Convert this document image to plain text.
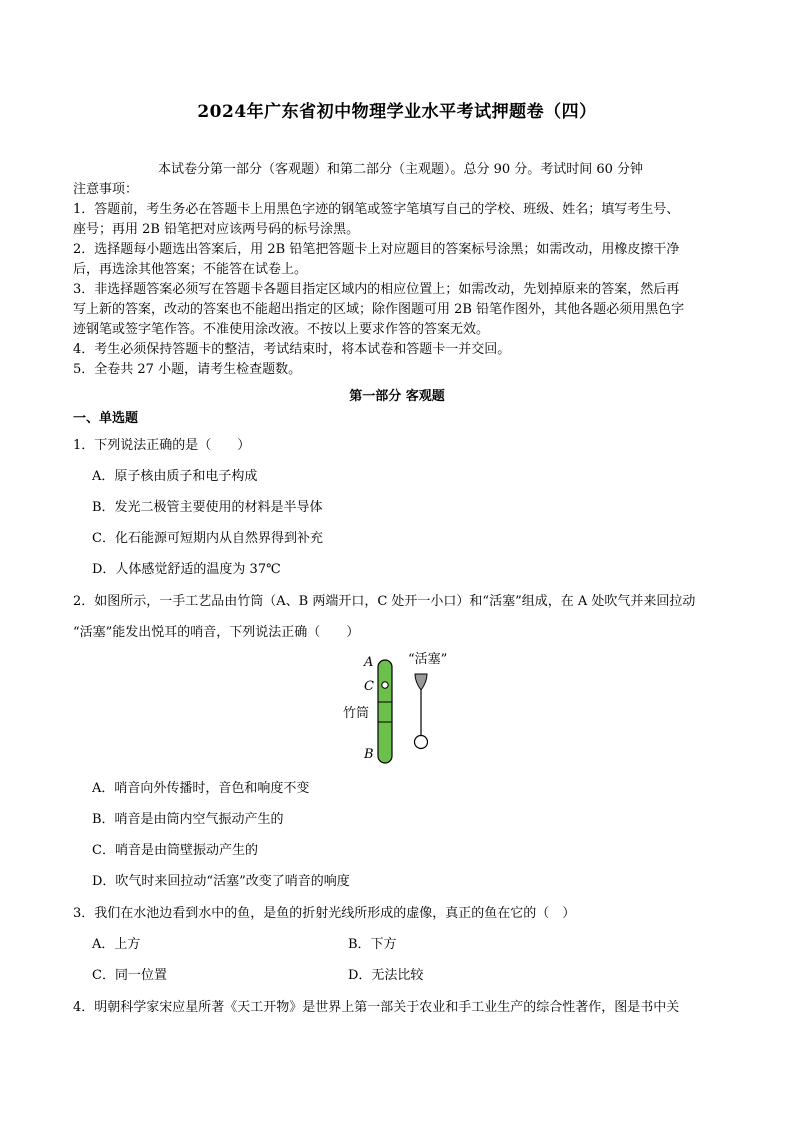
2024年广东省初中物理学业水平考试押题卷（四）
本试卷分第一部分（客观题）和第二部分（主观题）。总分 90 分。考试时间 60 分钟
注意事项：
1．答题前，考生务必在答题卡上用黑色字迹的钢笔或签字笔填写自己的学校、班级、姓名；填写考生号、
座号；再用 2B 铅笔把对应该两号码的标号涂黑。
2．选择题每小题选出答案后，用 2B 铅笔把答题卡上对应题目的答案标号涂黑；如需改动，用橡皮擦干净
后，再选涂其他答案；不能答在试卷上。
3．非选择题答案必须写在答题卡各题目指定区域内的相应位置上；如需改动，先划掉原来的答案，然后再
写上新的答案，改动的答案也不能超出指定的区域；除作图题可用 2B 铅笔作图外，其他各题必须用黑色字
迹钢笔或签字笔作答。不准使用涂改液。不按以上要求作答的答案无效。
4．考生必须保持答题卡的整洁，考试结束时，将本试卷和答题卡一并交回。
5．全卷共 27 小题，请考生检查题数。
第一部分 客观题
一、单选题
1．下列说法正确的是（　　）
A．原子核由质子和电子构成
B．发光二极管主要使用的材料是半导体
C．化石能源可短期内从自然界得到补充
D．人体感觉舒适的温度为 37℃
2．如图所示，一手工艺品由竹筒（A、B 两端开口，C 处开一小口）和“活塞”组成，在 A 处吹气并来回拉动
“活塞”能发出悦耳的哨音，下列说法正确（　　）
A
C
B
竹筒
“活塞”
A．哨音向外传播时，音色和响度不变
B．哨音是由筒内空气振动产生的
C．哨音是由筒壁振动产生的
D．吹气时来回拉动“活塞”改变了哨音的响度
3．我们在水池边看到水中的鱼，是鱼的折射光线所形成的虚像，真正的鱼在它的（　）
A．上方	B．下方
C．同一位置	D．无法比较
4．明朝科学家宋应星所著《天工开物》是世界上第一部关于农业和手工业生产的综合性著作，图是书中关
